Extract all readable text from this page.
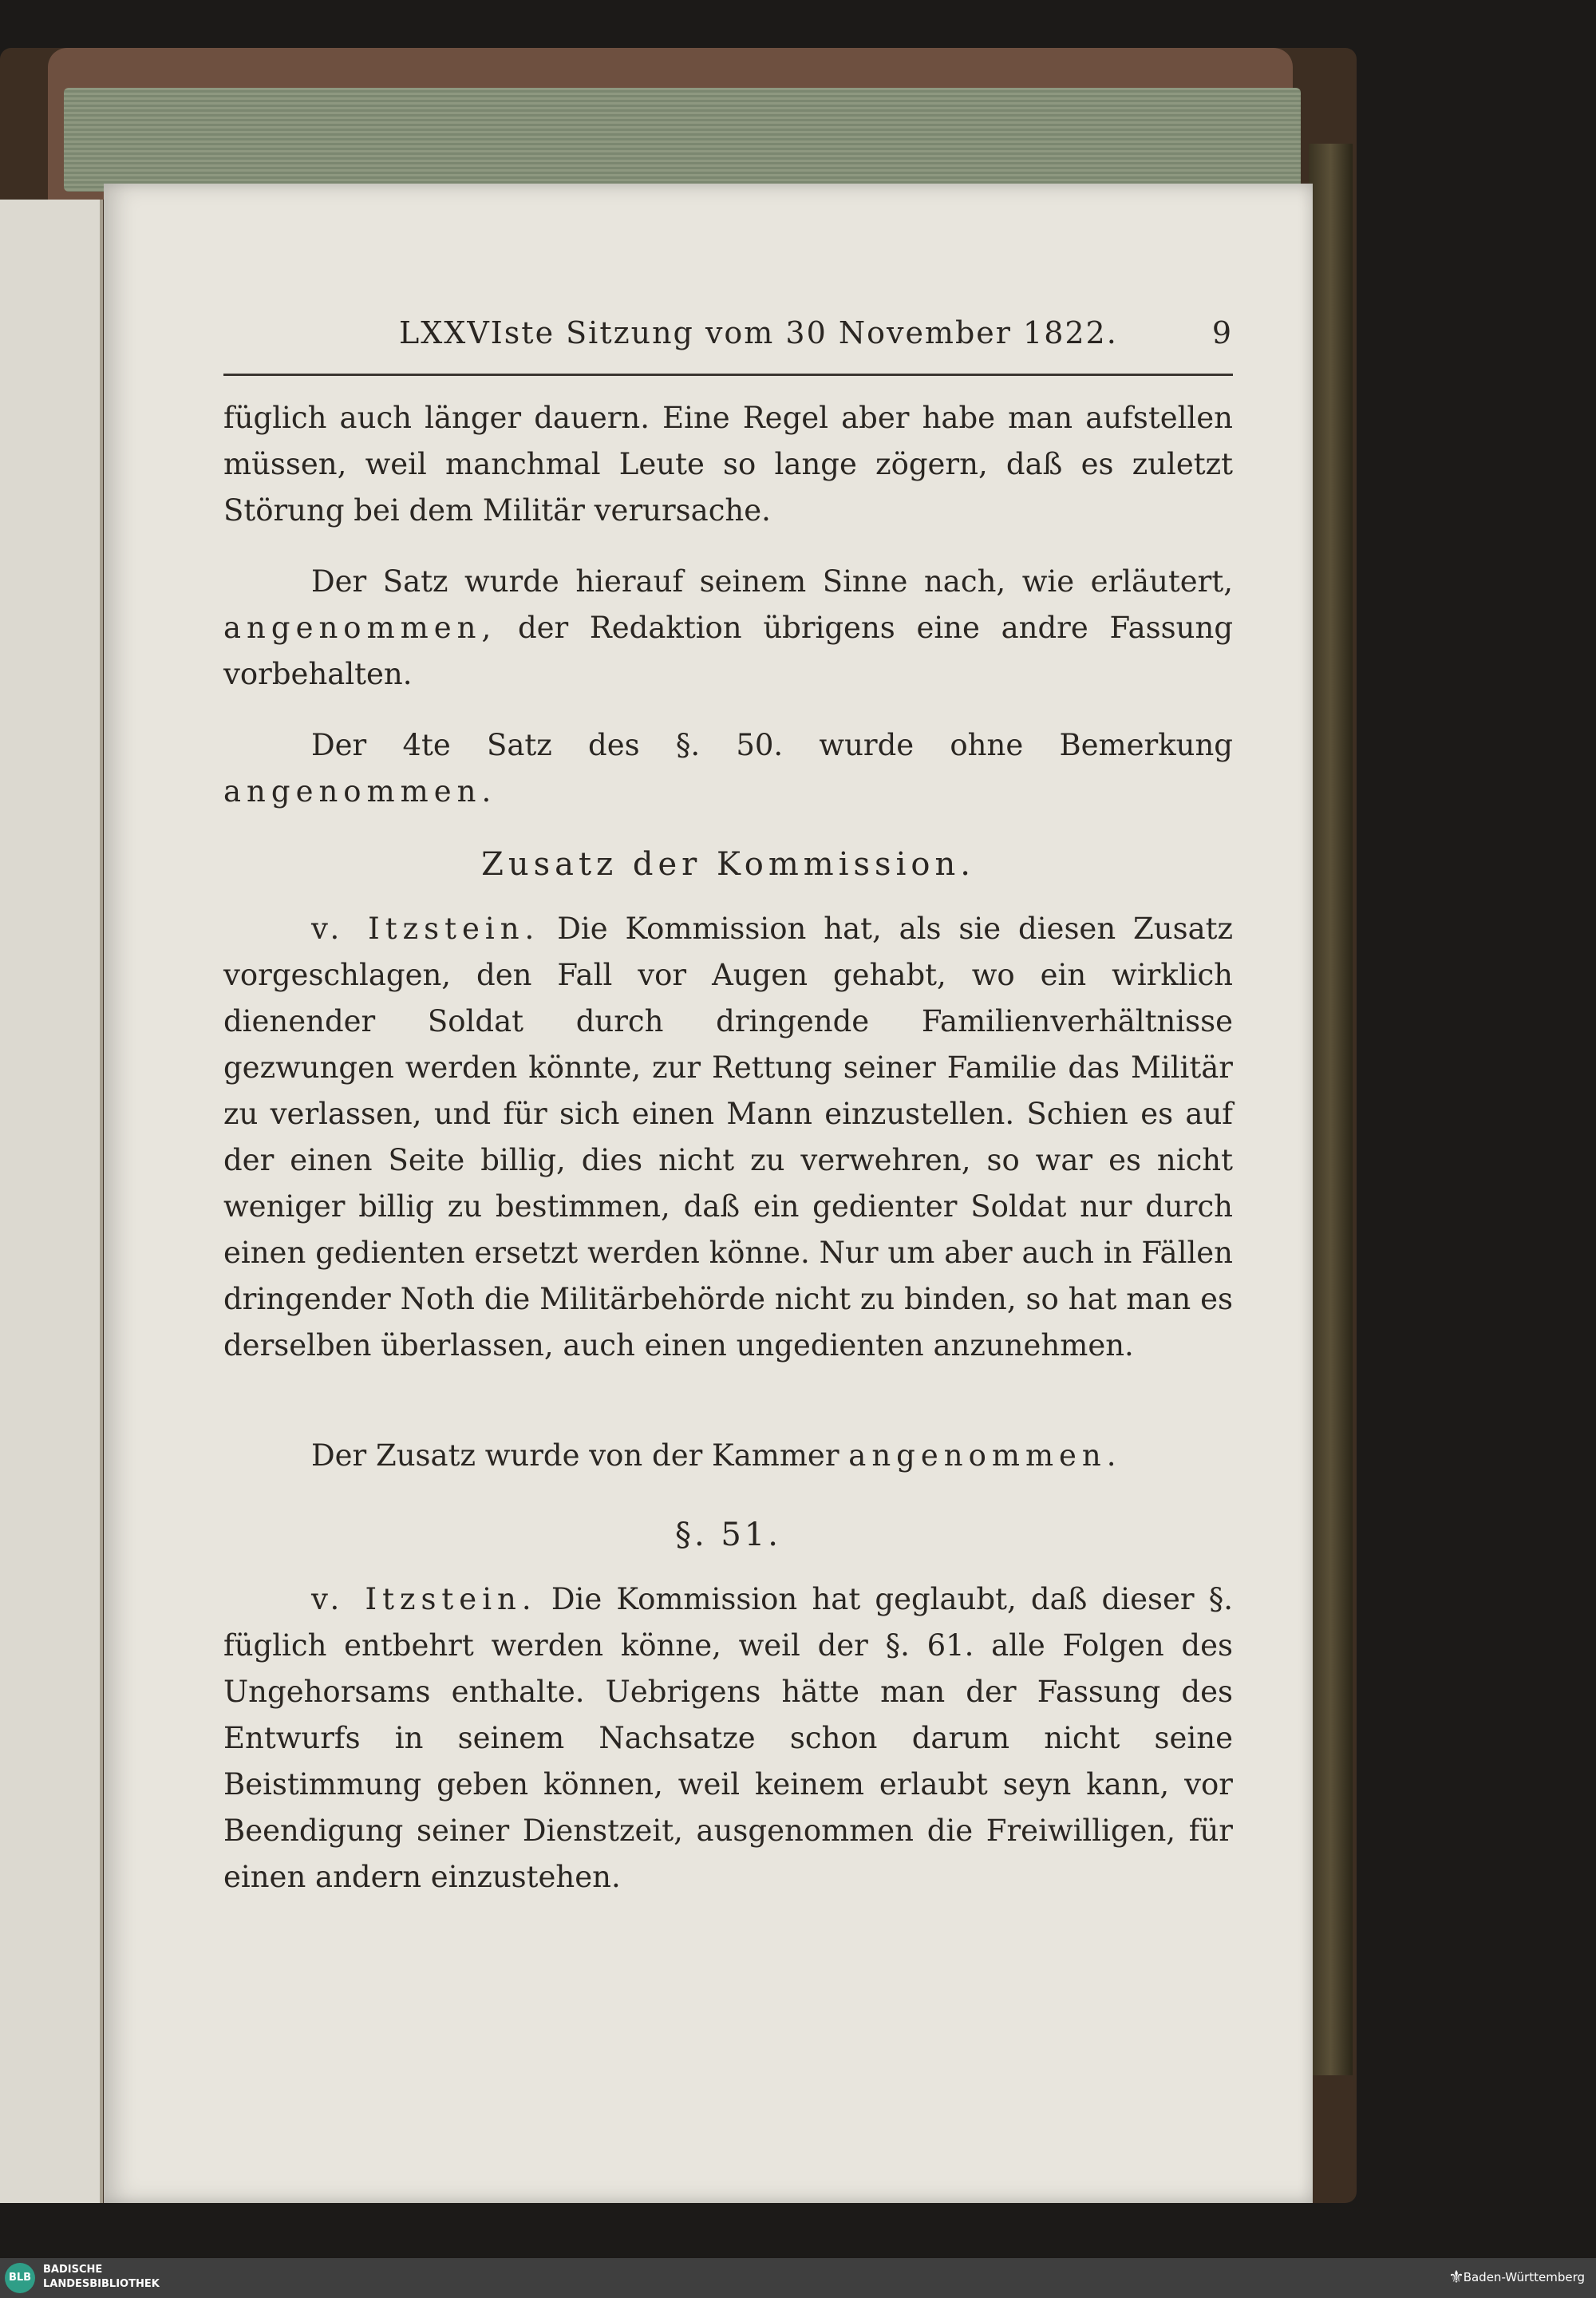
LXXVIste Sitzung vom 30 November 1822.	9
füglich auch länger dauern. Eine Regel aber habe man aufstellen müssen, weil manchmal Leute so lange zögern, daß es zuletzt Störung bei dem Militär verursache.
Der Satz wurde hierauf seinem Sinne nach, wie erläutert, angenommen, der Redaktion übrigens eine andre Fassung vorbehalten.
Der 4te Satz des §. 50. wurde ohne Bemerkung angenommen.
Zusatz der Kommission.
v. Itzstein. Die Kommission hat, als sie diesen Zusatz vorgeschlagen, den Fall vor Augen gehabt, wo ein wirklich dienender Soldat durch dringende Familienverhältnisse gezwungen werden könnte, zur Rettung seiner Familie das Militär zu verlassen, und für sich einen Mann einzustellen. Schien es auf der einen Seite billig, dies nicht zu verwehren, so war es nicht weniger billig zu bestimmen, daß ein gedienter Soldat nur durch einen gedienten ersetzt werden könne. Nur um aber auch in Fällen dringender Noth die Militärbehörde nicht zu binden, so hat man es derselben überlassen, auch einen ungedienten anzunehmen.
Der Zusatz wurde von der Kammer angenommen.
§. 51.
v. Itzstein. Die Kommission hat geglaubt, daß dieser §. füglich entbehrt werden könne, weil der §. 61. alle Folgen des Ungehorsams enthalte. Uebrigens hätte man der Fassung des Entwurfs in seinem Nachsatze schon darum nicht seine Beistimmung geben können, weil keinem erlaubt seyn kann, vor Beendigung seiner Dienstzeit, ausgenommen die Freiwilligen, für einen andern einzustehen.
BLB
BADISCHE
LANDESBIBLIOTHEK	⚜
Baden-Württemberg
